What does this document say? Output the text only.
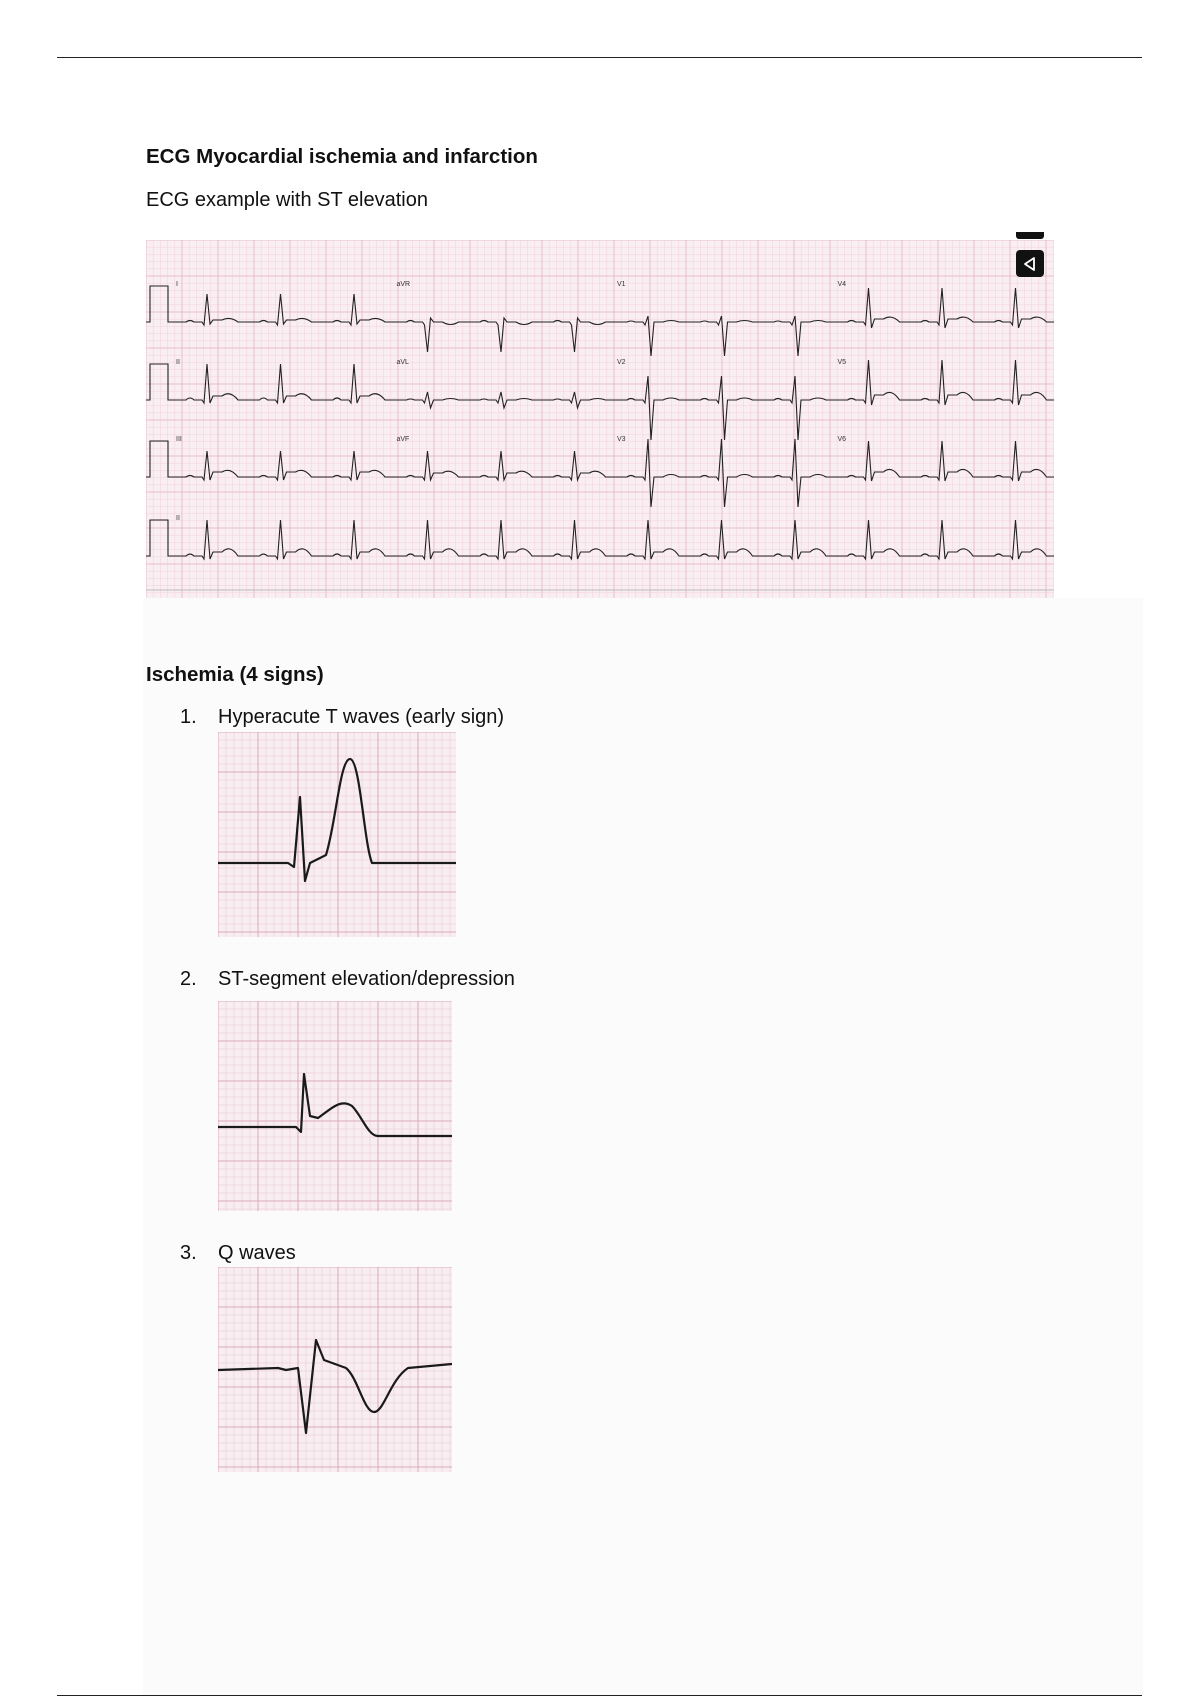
ECG Myocardial ischemia and infarction

ECG example with ST elevation

I	aVR	V1	V4
II	aVL	V2	V5
III	aVF	V3	V6
II
Ischemia (4 signs)

1. Hyperacute T waves (early sign)

2. ST-segment elevation/depression

3. Q waves
